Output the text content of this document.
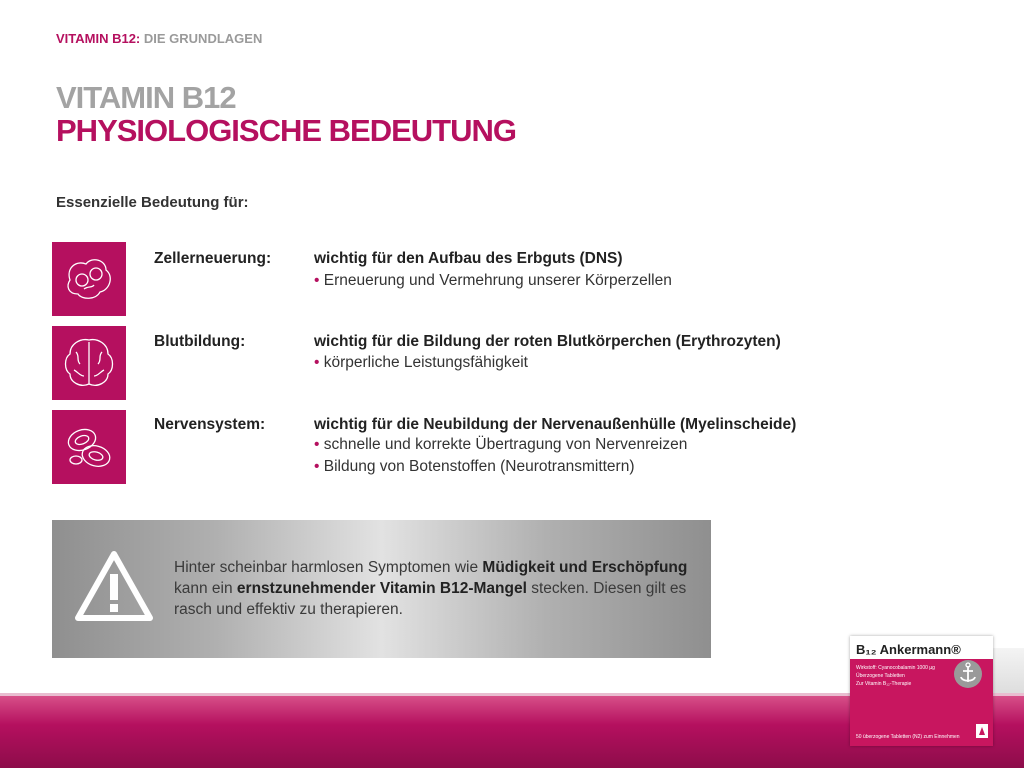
VITAMIN B12: DIE GRUNDLAGEN
VITAMIN B12
PHYSIOLOGISCHE BEDEUTUNG
Essenzielle Bedeutung für:
Zellerneuerung:	wichtig für den Aufbau des Erbguts (DNS)
• Erneuerung und Vermehrung unserer Körperzellen
Blutbildung:	wichtig für die Bildung der roten Blutkörperchen (Erythrozyten)
• körperliche Leistungsfähigkeit
Nervensystem:	wichtig für die Neubildung der Nervenaußenhülle (Myelinscheide)
• schnelle und korrekte Übertragung von Nervenreizen
• Bildung von Botenstoffen (Neurotransmittern)
Hinter scheinbar harmlosen Symptomen wie Müdigkeit und Erschöpfung kann ein ernstzunehmender Vitamin B12-Mangel stecken. Diesen gilt es rasch und effektiv zu therapieren.
B₁₂ Ankermann®
Wirkstoff: Cyanocobalamin 1000 µg
Überzogene Tabletten
Zur Vitamin B₁₂-Therapie
50 überzogene Tabletten (N2) zum Einnehmen
